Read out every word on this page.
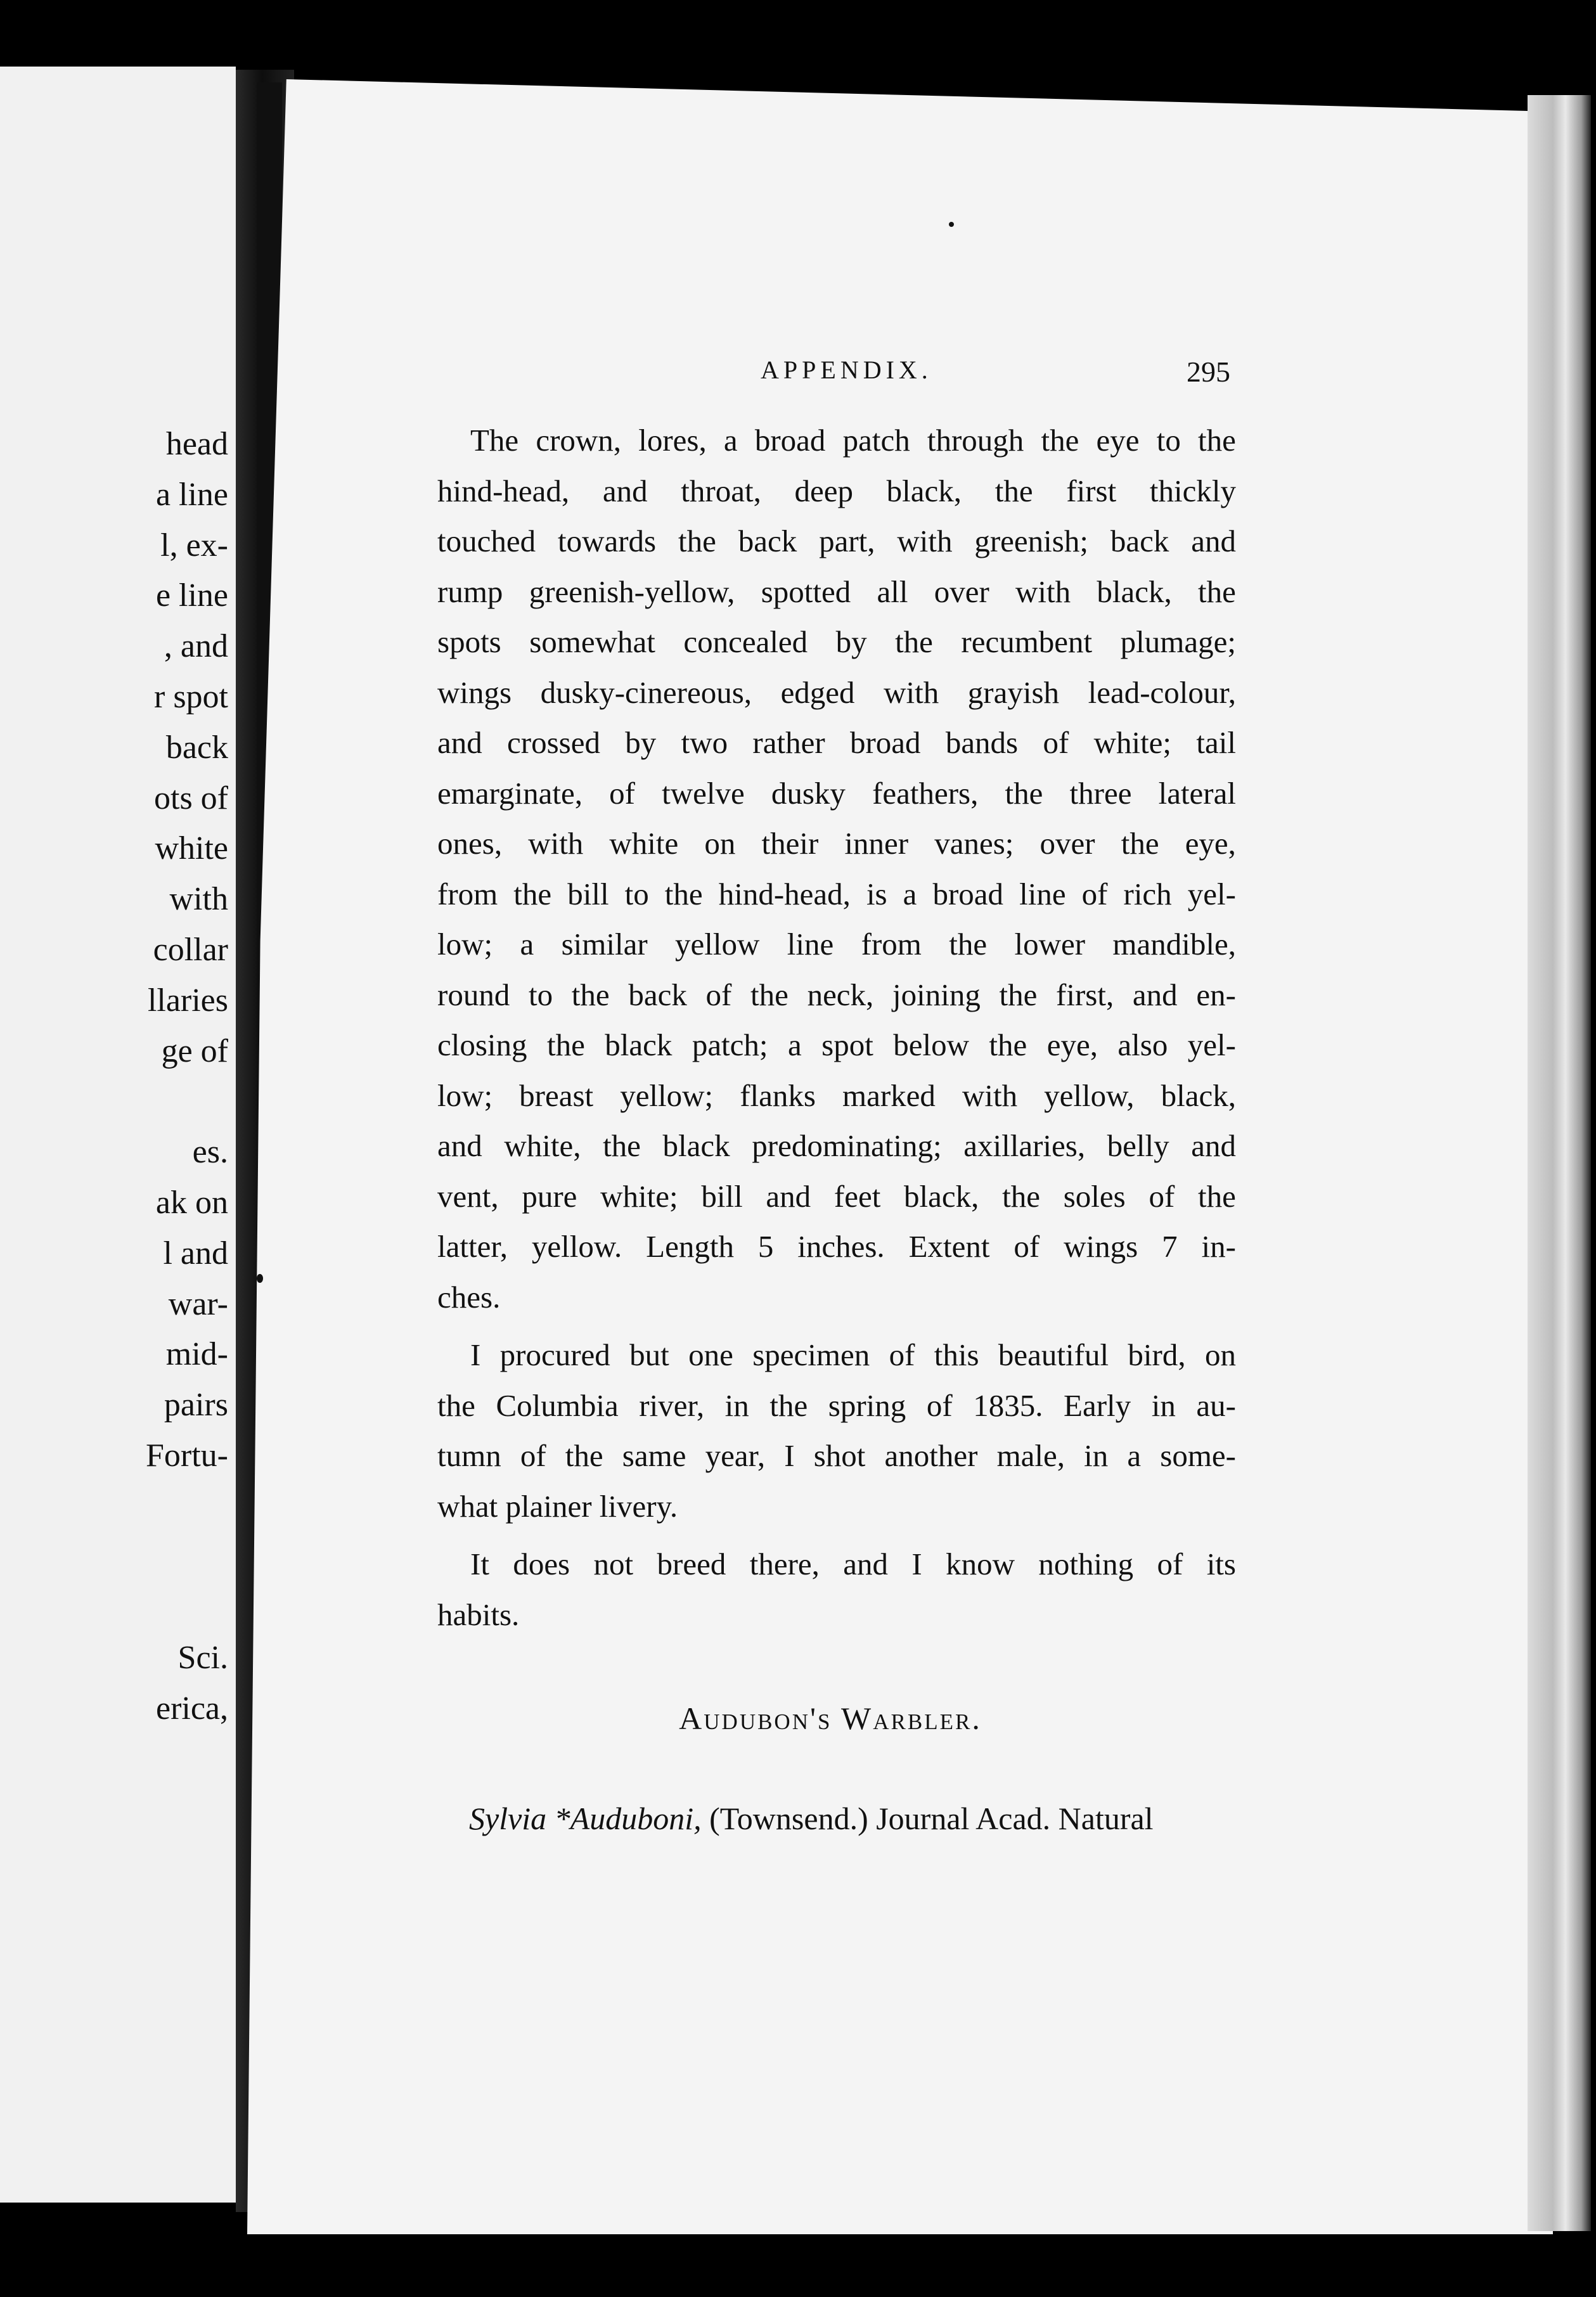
head
a line
l, ex-
e line
, and
r spot
back
ots of
white
with
collar
llaries
ge of
es.
ak on
l and
war-
mid-
pairs
Fortu-
Sci.
erica,
APPENDIX.	295
The crown, lores, a broad patch through the eye to the
hind-head, and throat, deep black, the first thickly
touched towards the back part, with greenish; back and
rump greenish-yellow, spotted all over with black, the
spots somewhat concealed by the recumbent plumage;
wings dusky-cinereous, edged with grayish lead-colour,
and crossed by two rather broad bands of white; tail
emarginate, of twelve dusky feathers, the three lateral
ones, with white on their inner vanes; over the eye,
from the bill to the hind-head, is a broad line of rich yel-
low; a similar yellow line from the lower mandible,
round to the back of the neck, joining the first, and en-
closing the black patch; a spot below the eye, also yel-
low; breast yellow; flanks marked with yellow, black,
and white, the black predominating; axillaries, belly and
vent, pure white; bill and feet black, the soles of the
latter, yellow. Length 5 inches. Extent of wings 7 in-
ches.
I procured but one specimen of this beautiful bird, on
the Columbia river, in the spring of 1835. Early in au-
tumn of the same year, I shot another male, in a some-
what plainer livery.
It does not breed there, and I know nothing of its
habits.
Audubon's Warbler.
Sylvia *Auduboni, (Townsend.) Journal Acad. Natural
